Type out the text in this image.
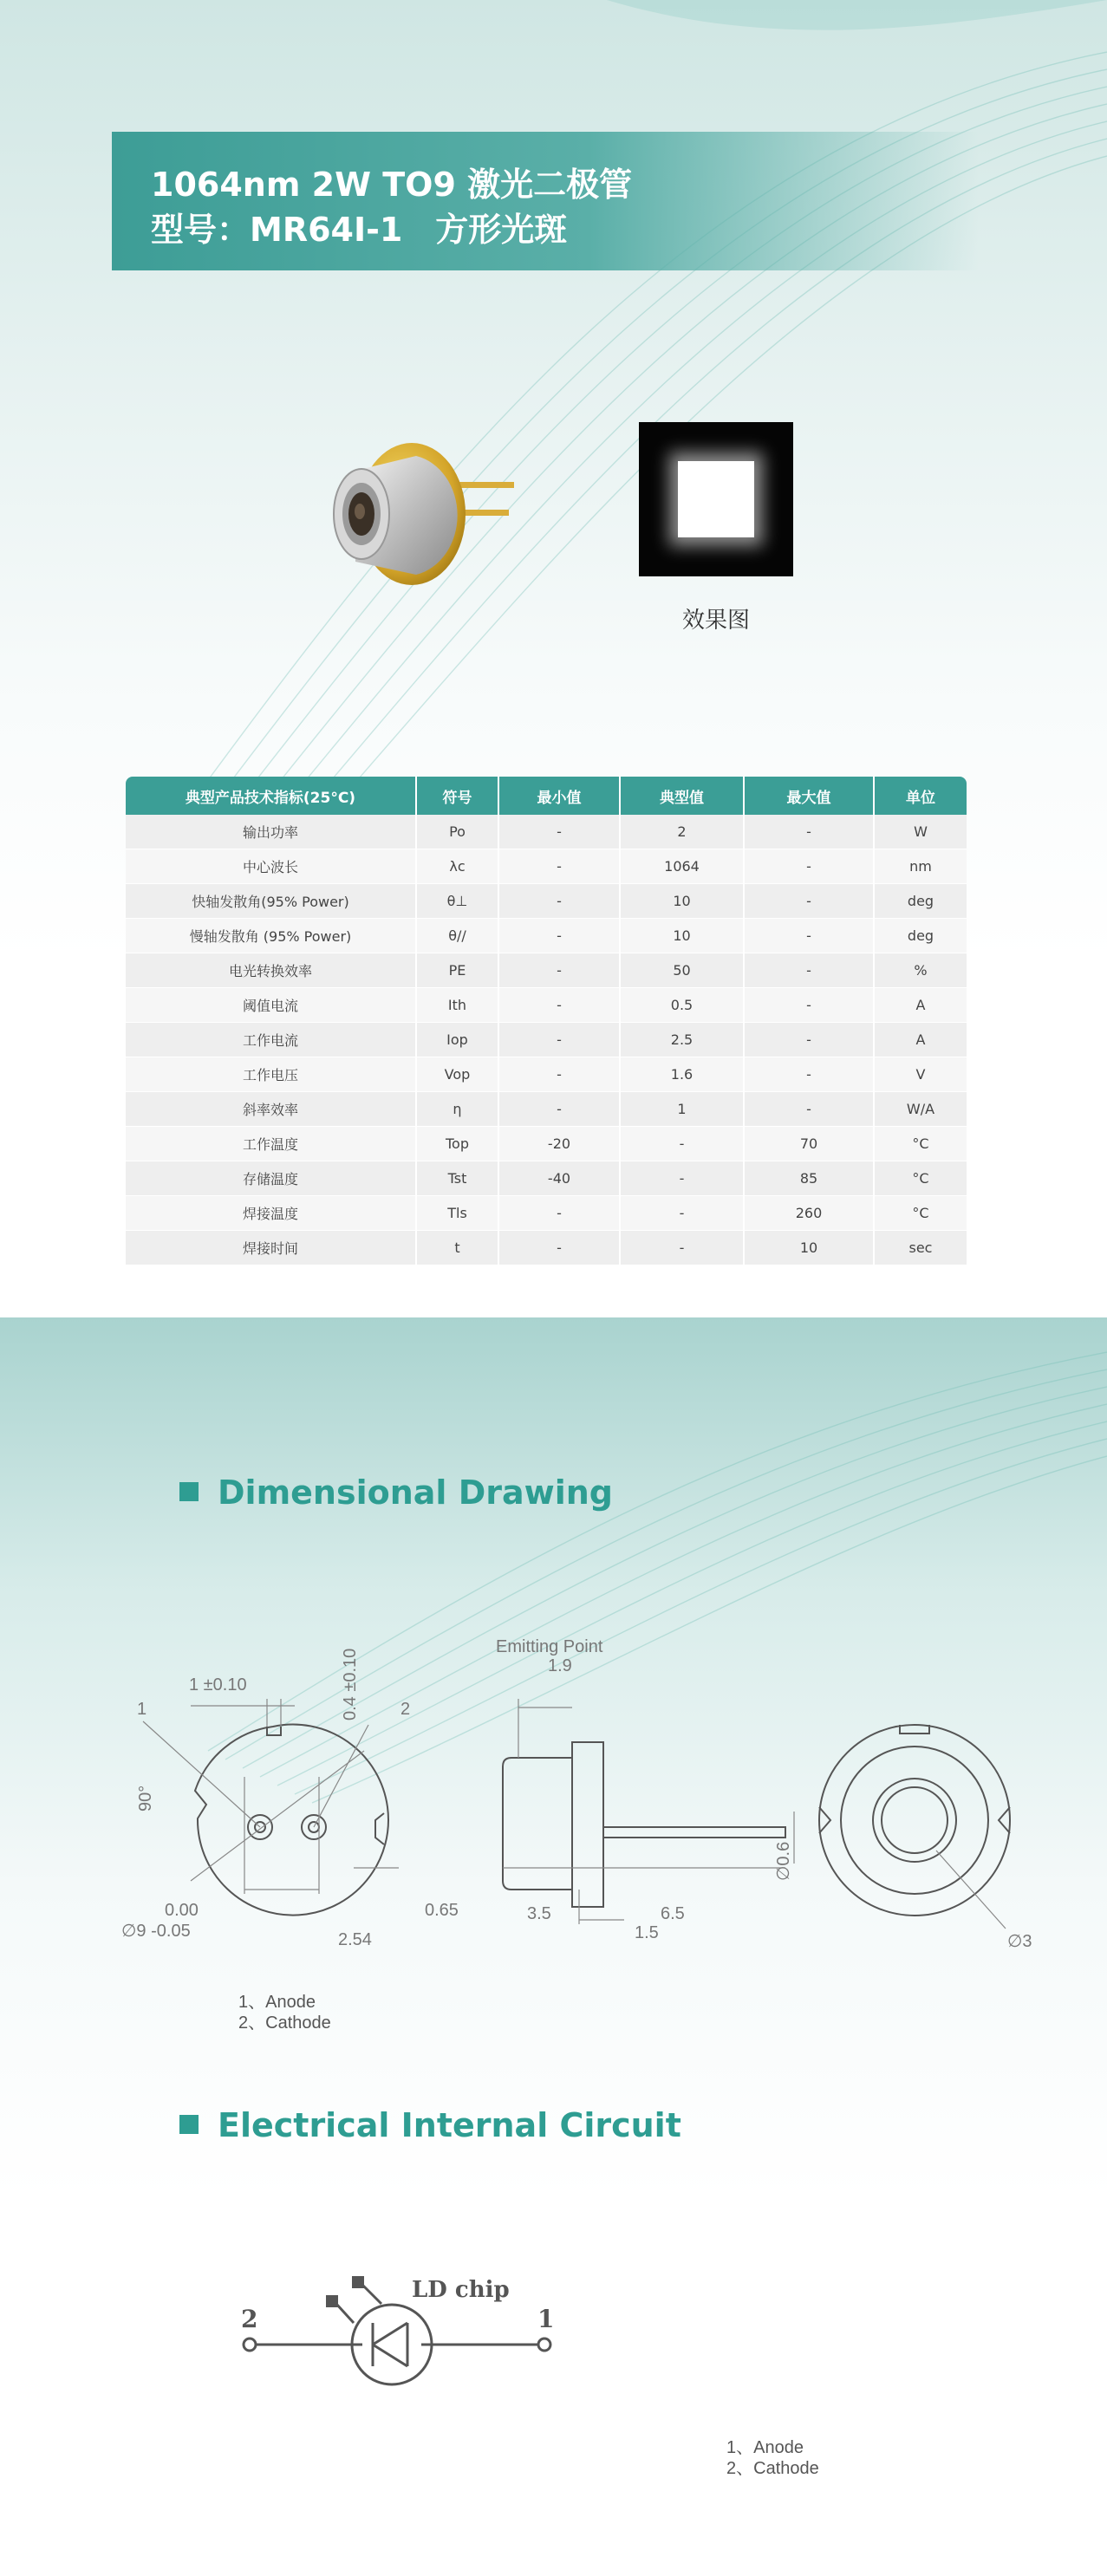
1064nm 2W TO9 激光二极管
型号：MR64I-1　方形光斑
效果图
典型产品技术指标(25°C)	符号	最小值	典型值	最大值	单位
输出功率	Po	-	2	-	W
中心波长	λc	-	1064	-	nm
快轴发散角(95% Power)	θ⊥	-	10	-	deg
慢轴发散角 (95% Power)	θ//	-	10	-	deg
电光转换效率	PE	-	50	-	%
阈值电流	Ith	-	0.5	-	A
工作电流	Iop	-	2.5	-	A
工作电压	Vop	-	1.6	-	V
斜率效率	η	-	1	-	W/A
工作温度	Top	-20	-	70	°C
存储温度	Tst	-40	-	85	°C
焊接温度	Tls	-	-	260	°C
焊接时间	t	-	-	10	sec
Dimensional Drawing
1 ±0.10	0.4 ±0.10
1	2
90°
0.00
∅9 -0.05
0.65
2.54
Emitting Point
1.9
3.5	6.5
1.5
∅0.6
∅3
1、Anode
2、Cathode
Electrical Internal Circuit
LD chip
2	1
1、Anode
2、Cathode
